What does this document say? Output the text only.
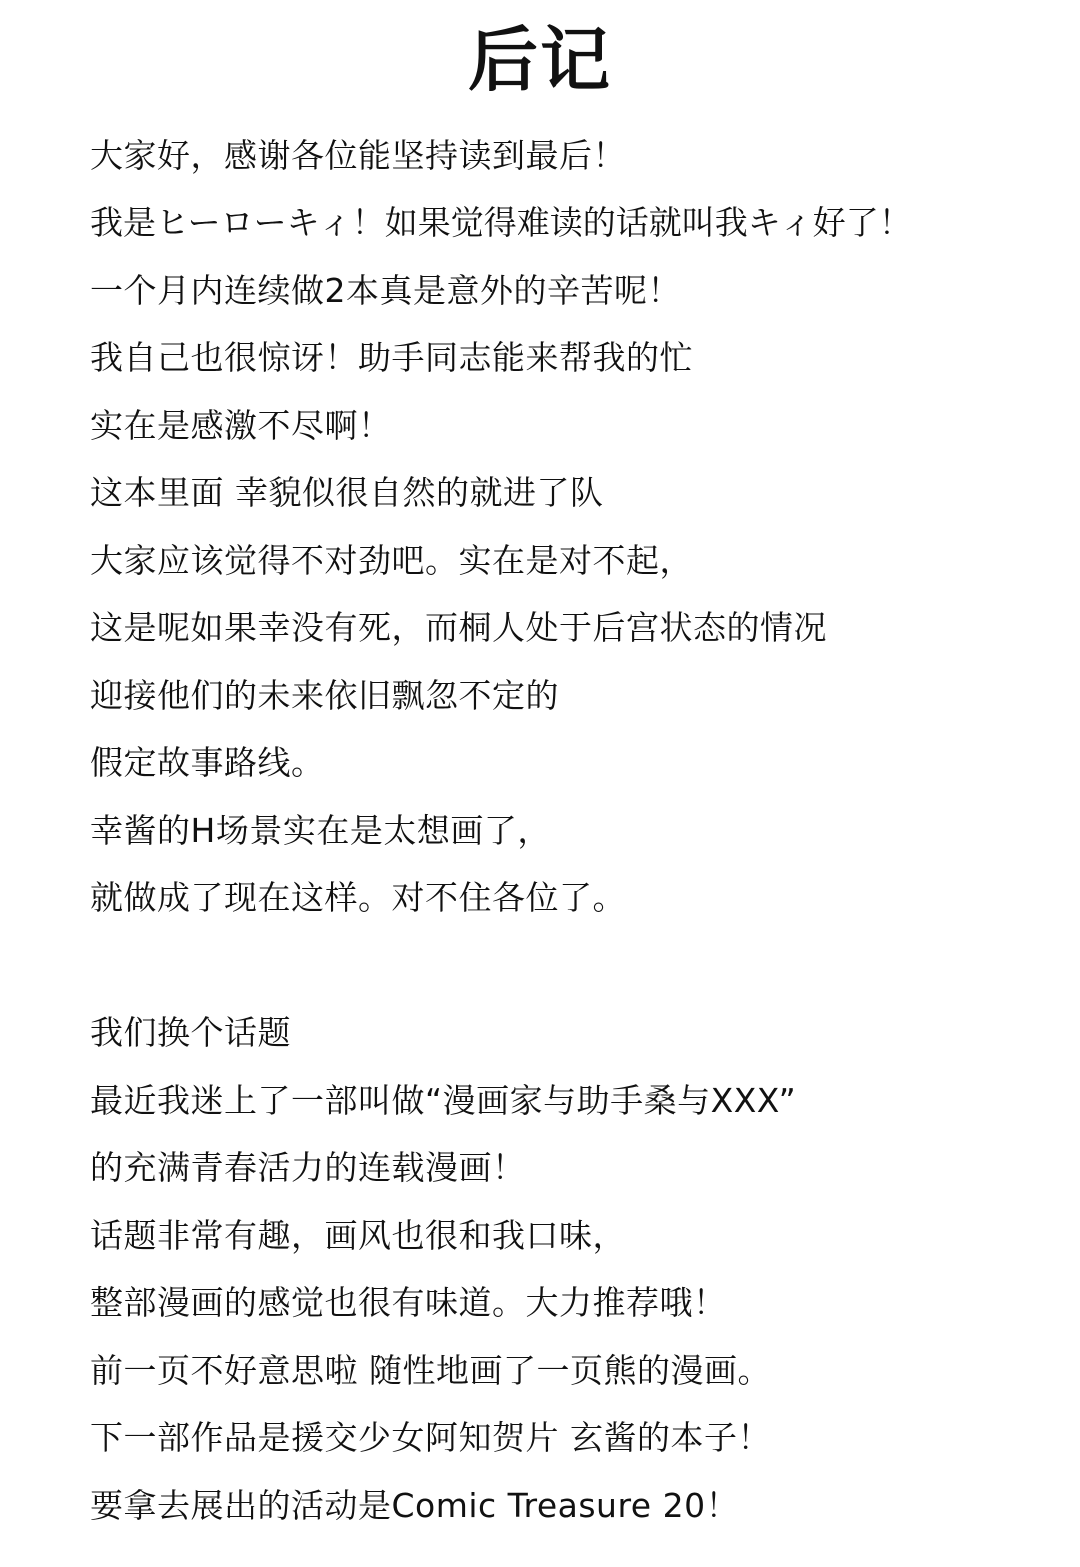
后记

大家好，感谢各位能坚持读到最后！

我是ヒーローキィ！如果觉得难读的话就叫我キィ好了！

一个月内连续做2本真是意外的辛苦呢！

我自己也很惊讶！助手同志能来帮我的忙

实在是感激不尽啊！

这本里面 幸貌似很自然的就进了队

大家应该觉得不对劲吧。实在是对不起，

这是呢如果幸没有死，而桐人处于后宫状态的情况

迎接他们的未来依旧飘忽不定的

假定故事路线。

幸酱的H场景实在是太想画了，

就做成了现在这样。对不住各位了。

我们换个话题

最近我迷上了一部叫做“漫画家与助手桑与XXX”

的充满青春活力的连载漫画！

话题非常有趣，画风也很和我口味，

整部漫画的感觉也很有味道。大力推荐哦！

前一页不好意思啦 随性地画了一页熊的漫画。

下一部作品是援交少女阿知贺片 玄酱的本子！

要拿去展出的活动是Comic Treasure 20！
